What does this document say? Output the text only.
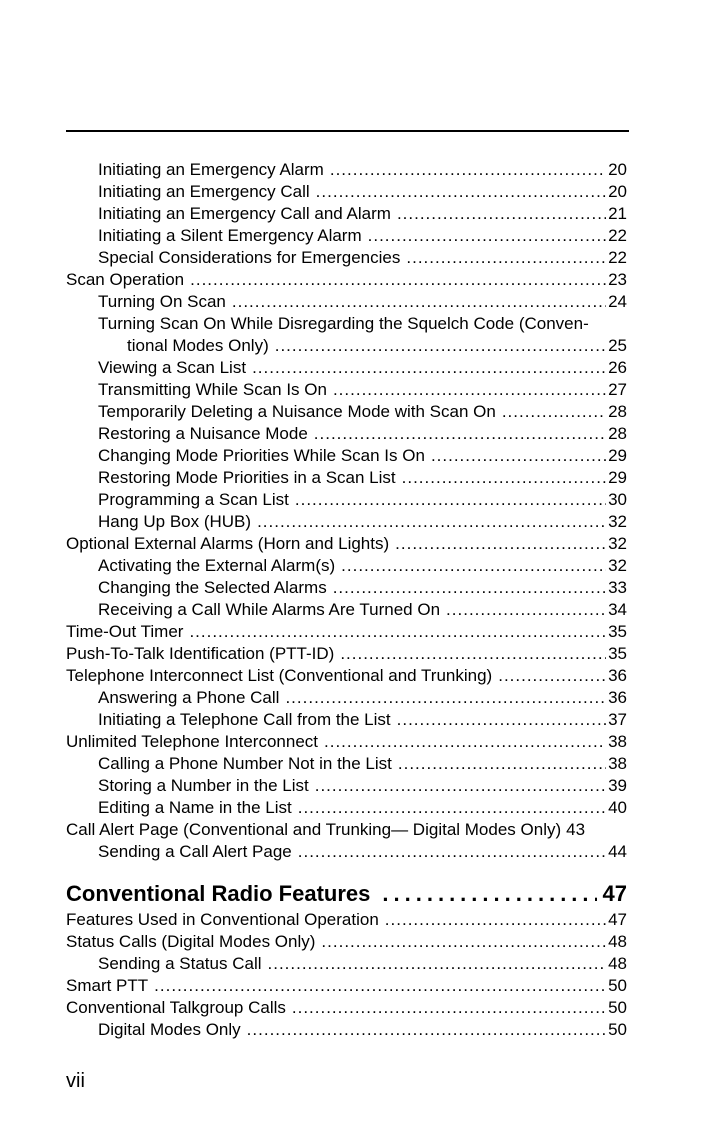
Initiating an Emergency Alarm .....	20
Initiating an Emergency Call .....	20
Initiating an Emergency Call and Alarm .....	21
Initiating a Silent Emergency Alarm .....	22
Special Considerations for Emergencies .....	22
Scan Operation .....	23
Turning On Scan .....	24
Turning Scan On While Disregarding the Squelch Code (Conven-
tional Modes Only) .....	25
Viewing a Scan List .....	26
Transmitting While Scan Is On .....	27
Temporarily Deleting a Nuisance Mode with Scan On .....	28
Restoring a Nuisance Mode .....	28
Changing Mode Priorities While Scan Is On .....	29
Restoring Mode Priorities in a Scan List .....	29
Programming a Scan List .....	30
Hang Up Box (HUB) .....	32
Optional External Alarms (Horn and Lights) .....	32
Activating the External Alarm(s) .....	32
Changing the Selected Alarms .....	33
Receiving a Call While Alarms Are Turned On .....	34
Time-Out Timer .....	35
Push-To-Talk Identification (PTT-ID) .....	35
Telephone Interconnect List (Conventional and Trunking) .....	36
Answering a Phone Call .....	36
Initiating a Telephone Call from the List .....	37
Unlimited Telephone Interconnect .....	38
Calling a Phone Number Not in the List .....	38
Storing a Number in the List .....	39
Editing a Name in the List .....	40
Call Alert Page (Conventional and Trunking— Digital Modes Only) 43
Sending a Call Alert Page .....	44
Conventional Radio Features .....	47
Features Used in Conventional Operation .....	47
Status Calls (Digital Modes Only) .....	48
Sending a Status Call .....	48
Smart PTT .....	50
Conventional Talkgroup Calls .....	50
Digital Modes Only .....	50
vii
